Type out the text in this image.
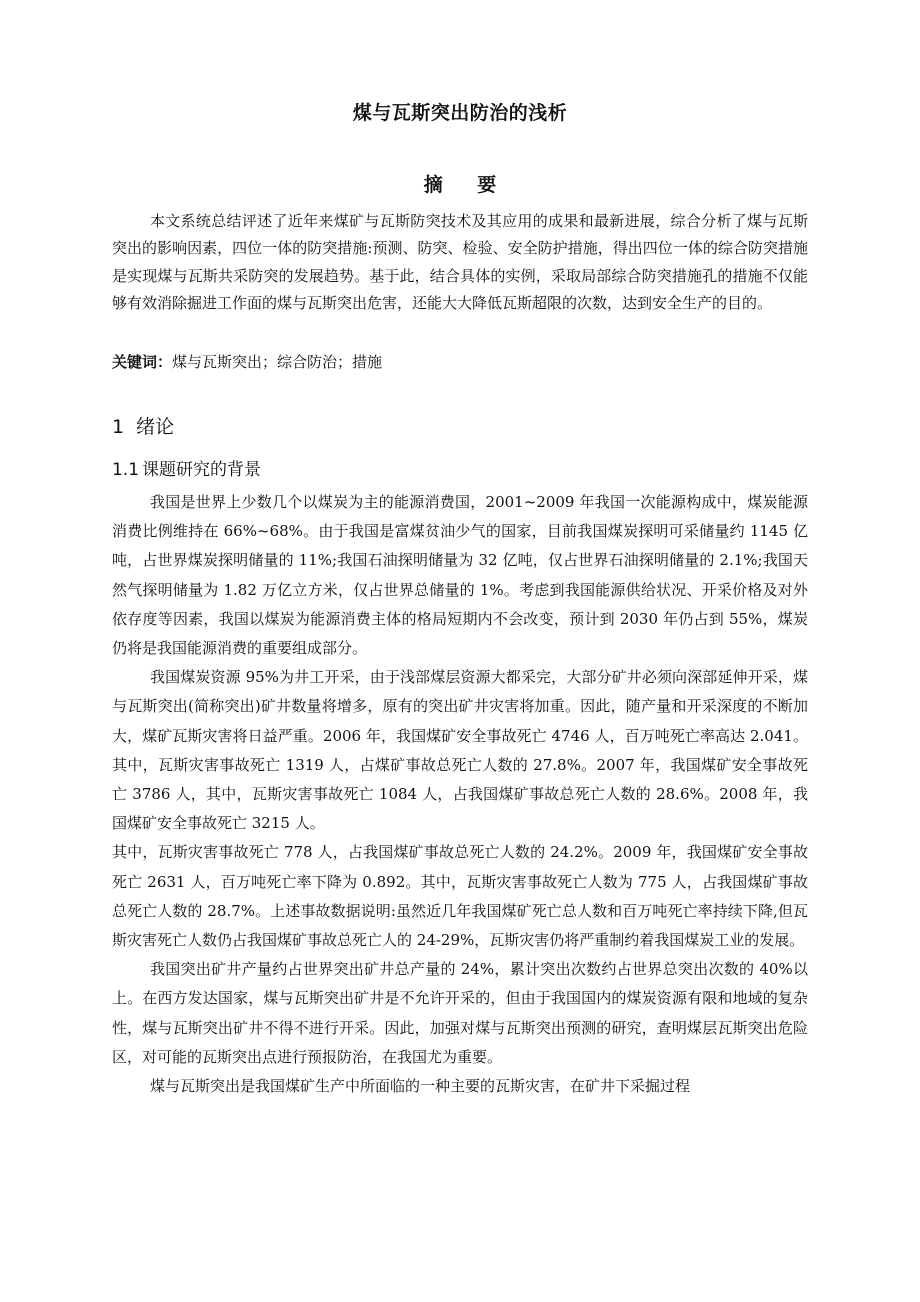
煤与瓦斯突出防治的浅析
摘 要

本文系统总结评述了近年来煤矿与瓦斯防突技术及其应用的成果和最新进展，综合分析了煤与瓦斯突出的影响因素，四位一体的防突措施:预测、防突、检验、安全防护措施，得出四位一体的综合防突措施是实现煤与瓦斯共采防突的发展趋势。基于此，结合具体的实例，采取局部综合防突措施孔的措施不仅能够有效消除掘进工作面的煤与瓦斯突出危害，还能大大降低瓦斯超限的次数，达到安全生产的目的。

关键词：煤与瓦斯突出；综合防治；措施

1 绪论
1.1 课题研究的背景

我国是世界上少数几个以煤炭为主的能源消费国，2001~2009 年我国一次能源构成中，煤炭能源消费比例维持在 66%~68%。由于我国是富煤贫油少气的国家，目前我国煤炭探明可采储量约 1145 亿吨，占世界煤炭探明储量的 11%;我国石油探明储量为 32 亿吨，仅占世界石油探明储量的 2.1%;我国天然气探明储量为 1.82 万亿立方米，仅占世界总储量的 1%。考虑到我国能源供给状况、开采价格及对外依存度等因素，我国以煤炭为能源消费主体的格局短期内不会改变，预计到 2030 年仍占到 55%，煤炭仍将是我国能源消费的重要组成部分。

我国煤炭资源 95%为井工开采，由于浅部煤层资源大都采完，大部分矿井必须向深部延伸开采，煤与瓦斯突出(简称突出)矿井数量将增多，原有的突出矿井灾害将加重。因此，随产量和开采深度的不断加大，煤矿瓦斯灾害将日益严重。2006 年，我国煤矿安全事故死亡 4746 人，百万吨死亡率高达 2.041。其中，瓦斯灾害事故死亡 1319 人，占煤矿事故总死亡人数的 27.8%。2007 年，我国煤矿安全事故死亡 3786 人，其中，瓦斯灾害事故死亡 1084 人，占我国煤矿事故总死亡人数的 28.6%。2008 年，我国煤矿安全事故死亡 3215 人。

其中，瓦斯灾害事故死亡 778 人，占我国煤矿事故总死亡人数的 24.2%。2009 年，我国煤矿安全事故死亡 2631 人，百万吨死亡率下降为 0.892。其中，瓦斯灾害事故死亡人数为 775 人，占我国煤矿事故总死亡人数的 28.7%。上述事故数据说明:虽然近几年我国煤矿死亡总人数和百万吨死亡率持续下降,但瓦斯灾害死亡人数仍占我国煤矿事故总死亡人的 24-29%，瓦斯灾害仍将严重制约着我国煤炭工业的发展。

我国突出矿井产量约占世界突出矿井总产量的 24%，累计突出次数约占世界总突出次数的 40%以上。在西方发达国家，煤与瓦斯突出矿井是不允许开采的，但由于我国国内的煤炭资源有限和地域的复杂性，煤与瓦斯突出矿井不得不进行开采。因此，加强对煤与瓦斯突出预测的研究，查明煤层瓦斯突出危险区，对可能的瓦斯突出点进行预报防治，在我国尤为重要。

煤与瓦斯突出是我国煤矿生产中所面临的一种主要的瓦斯灾害，在矿井下采掘过程
